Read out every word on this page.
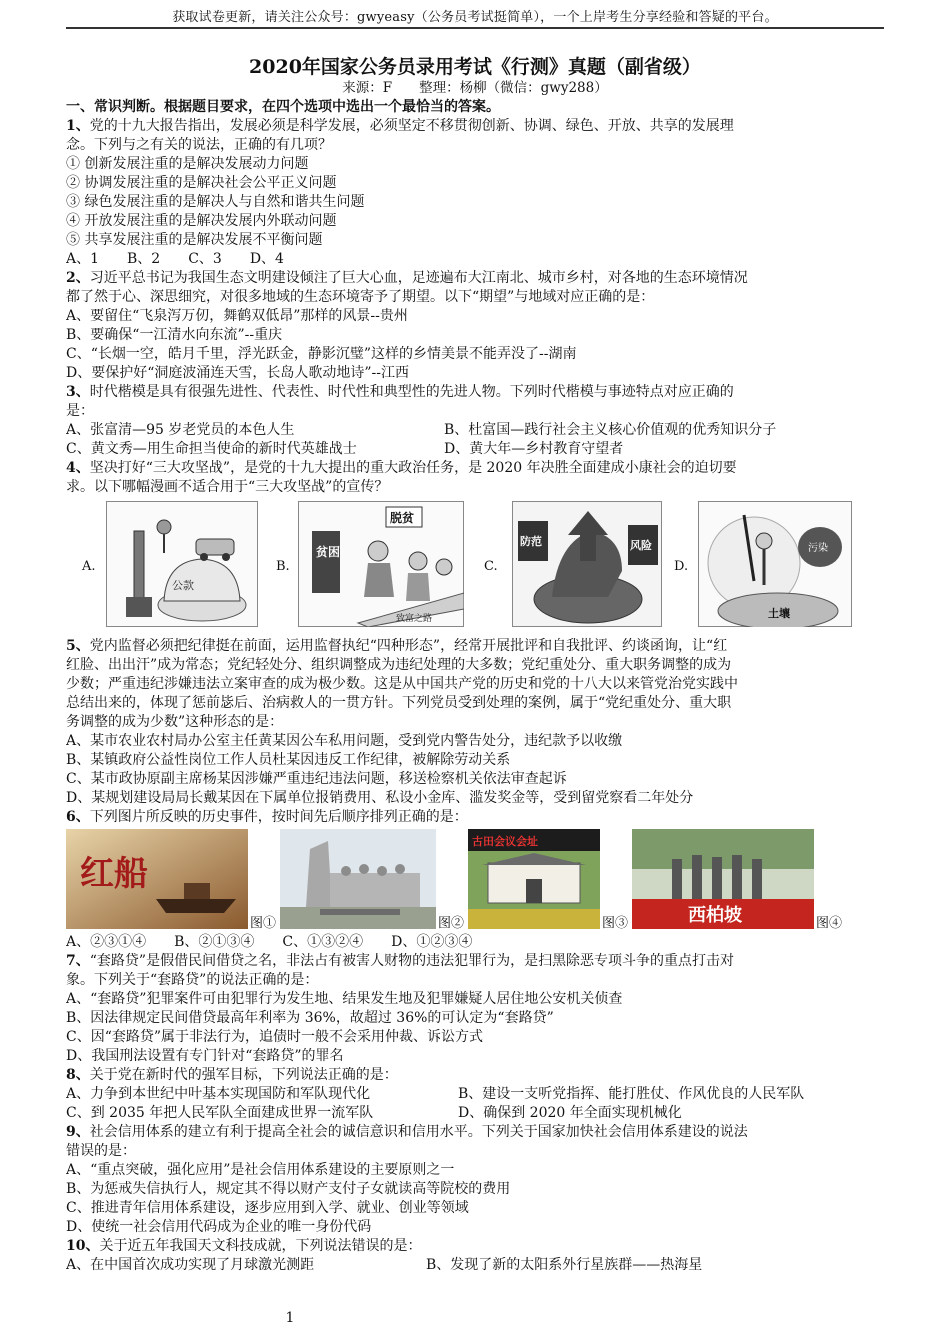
获取试卷更新，请关注公众号：gwyeasy（公务员考试挺简单），一个上岸考生分享经验和答疑的平台。
2020年国家公务员录用考试《行测》真题（副省级）
来源：F　　整理：杨柳（微信：gwy288）
一、常识判断。根据题目要求，在四个选项中选出一个最恰当的答案。
1、党的十九大报告指出，发展必须是科学发展，必须坚定不移贯彻创新、协调、绿色、开放、共享的发展理
念。下列与之有关的说法，正确的有几项？
① 创新发展注重的是解决发展动力问题
② 协调发展注重的是解决社会公平正义问题
③ 绿色发展注重的是解决人与自然和谐共生问题
④ 开放发展注重的是解决发展内外联动问题
⑤ 共享发展注重的是解决发展不平衡问题
A、1　　B、2　　C、3　　D、4
2、习近平总书记为我国生态文明建设倾注了巨大心血，足迹遍布大江南北、城市乡村，对各地的生态环境情况
都了然于心、深思细究，对很多地域的生态环境寄予了期望。以下“期望”与地域对应正确的是：
A、要留住“飞泉泻万仞，舞鹤双低昂”那样的风景--贵州
B、要确保“一江清水向东流”--重庆
C、“长烟一空，皓月千里，浮光跃金，静影沉璧”这样的乡情美景不能弄没了--湖南
D、要保护好“洞庭波涌连天雪，长岛人歌动地诗”--江西
3、时代楷模是具有很强先进性、代表性、时代性和典型性的先进人物。下列时代楷模与事迹特点对应正确的
是：
A、张富清—95 岁老党员的本色人生	B、杜富国—践行社会主义核心价值观的优秀知识分子
C、黄文秀—用生命担当使命的新时代英雄战士	D、黄大年—乡村教育守望者
4、坚决打好“三大攻坚战”，是党的十九大提出的重大政治任务，是 2020 年决胜全面建成小康社会的迫切要
求。以下哪幅漫画不适合用于“三大攻坚战”的宣传？
A.
公款
B.
贫困
脱贫
致富之路
C.
防范	风险
D.
污染
土壤
5、党内监督必须把纪律挺在前面，运用监督执纪“四种形态”，经常开展批评和自我批评、约谈函询，让“红
红脸、出出汗”成为常态；党纪轻处分、组织调整成为违纪处理的大多数；党纪重处分、重大职务调整的成为
少数；严重违纪涉嫌违法立案审查的成为极少数。这是从中国共产党的历史和党的十八大以来管党治党实践中
总结出来的，体现了惩前毖后、治病救人的一贯方针。下列党员受到处理的案例，属于“党纪重处分、重大职
务调整的成为少数”这种形态的是：
A、某市农业农村局办公室主任黄某因公车私用问题，受到党内警告处分，违纪款予以收缴
B、某镇政府公益性岗位工作人员杜某因违反工作纪律，被解除劳动关系
C、某市政协原副主席杨某因涉嫌严重违纪违法问题，移送检察机关依法审查起诉
D、某规划建设局局长戴某因在下属单位报销费用、私设小金库、滥发奖金等，受到留党察看二年处分
6、下列图片所反映的历史事件，按时间先后顺序排列正确的是：
红船
图①	图②
古田会议会址
图③	西柏坡	图④
A、②③①④　　B、②①③④　　C、①③②④　　D、①②③④
7、“套路贷”是假借民间借贷之名，非法占有被害人财物的违法犯罪行为，是扫黑除恶专项斗争的重点打击对
象。下列关于“套路贷”的说法正确的是：
A、“套路贷”犯罪案件可由犯罪行为发生地、结果发生地及犯罪嫌疑人居住地公安机关侦查
B、因法律规定民间借贷最高年利率为 36%，故超过 36%的可认定为“套路贷”
C、因“套路贷”属于非法行为，追债时一般不会采用仲裁、诉讼方式
D、我国刑法设置有专门针对“套路贷”的罪名
8、关于党在新时代的强军目标，下列说法正确的是：
A、力争到本世纪中叶基本实现国防和军队现代化	B、建设一支听党指挥、能打胜仗、作风优良的人民军队
C、到 2035 年把人民军队全面建成世界一流军队	D、确保到 2020 年全面实现机械化
9、社会信用体系的建立有利于提高全社会的诚信意识和信用水平。下列关于国家加快社会信用体系建设的说法
错误的是：
A、“重点突破，强化应用”是社会信用体系建设的主要原则之一
B、为惩戒失信执行人，规定其不得以财产支付子女就读高等院校的费用
C、推进青年信用体系建设，逐步应用到入学、就业、创业等领域
D、使统一社会信用代码成为企业的唯一身份代码
10、关于近五年我国天文科技成就，下列说法错误的是：
A、在中国首次成功实现了月球激光测距	B、发现了新的太阳系外行星族群——热海星
1
